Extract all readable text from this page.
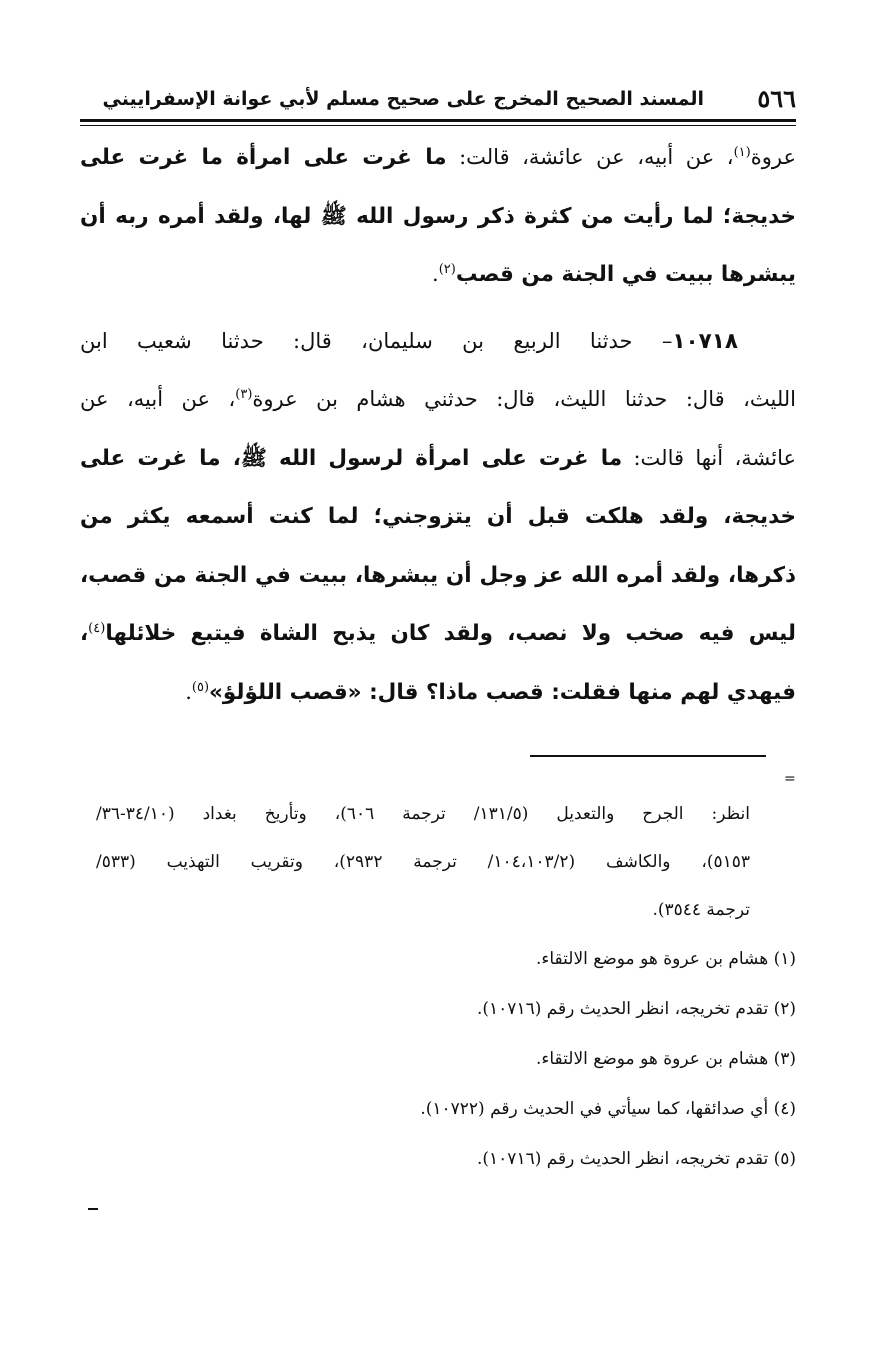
٥٦٦
المسند الصحيح المخرج على صحيح مسلم لأبي عوانة الإسفراييني
عروة$^{(١)}$، عن أبيه، عن عائشة، قالت: ما غرت على امرأة ما غرت على
خديجة؛ لما رأيت من كثرة ذكر رسول الله ﷺ لها، ولقد أمره ربه أن
يبشرها ببيت في الجنة من قصب$^{(٢)}$.
١٠٧١٨– حدثنا الربيع بن سليمان، قال: حدثنا شعيب ابن
الليث، قال: حدثنا الليث، قال: حدثني هشام بن عروة$^{(٣)}$، عن أبيه، عن
عائشة، أنها قالت: ما غرت على امرأة لرسول الله ﷺ، ما غرت على
خديجة، ولقد هلكت قبل أن يتزوجني؛ لما كنت أسمعه يكثر من
ذكرها، ولقد أمره الله عز وجل أن يبشرها، ببيت في الجنة من قصب،
ليس فيه صخب ولا نصب، ولقد كان يذبح الشاة فيتبع خلائلها$^{(٤)}$،
فيهدي لهم منها فقلت: قصب ماذا؟ قال: «قصب اللؤلؤ»$^{(٥)}$.
=
انظر: الجرح والتعديل (١٣١/٥/ ترجمة ٦٠٦)، وتأريخ بغداد (٣٤/١٠-٣٦/
٥١٥٣)، والكاشف (١٠٤،١٠٣/٢/ ترجمة ٢٩٣٢)، وتقريب التهذيب (٥٣٣/
ترجمة ٣٥٤٤).
(١) هشام بن عروة هو موضع الالتقاء.
(٢) تقدم تخريجه، انظر الحديث رقم (١٠٧١٦).
(٣) هشام بن عروة هو موضع الالتقاء.
(٤) أي صدائقها، كما سيأتي في الحديث رقم (١٠٧٢٢).
(٥) تقدم تخريجه، انظر الحديث رقم (١٠٧١٦).
